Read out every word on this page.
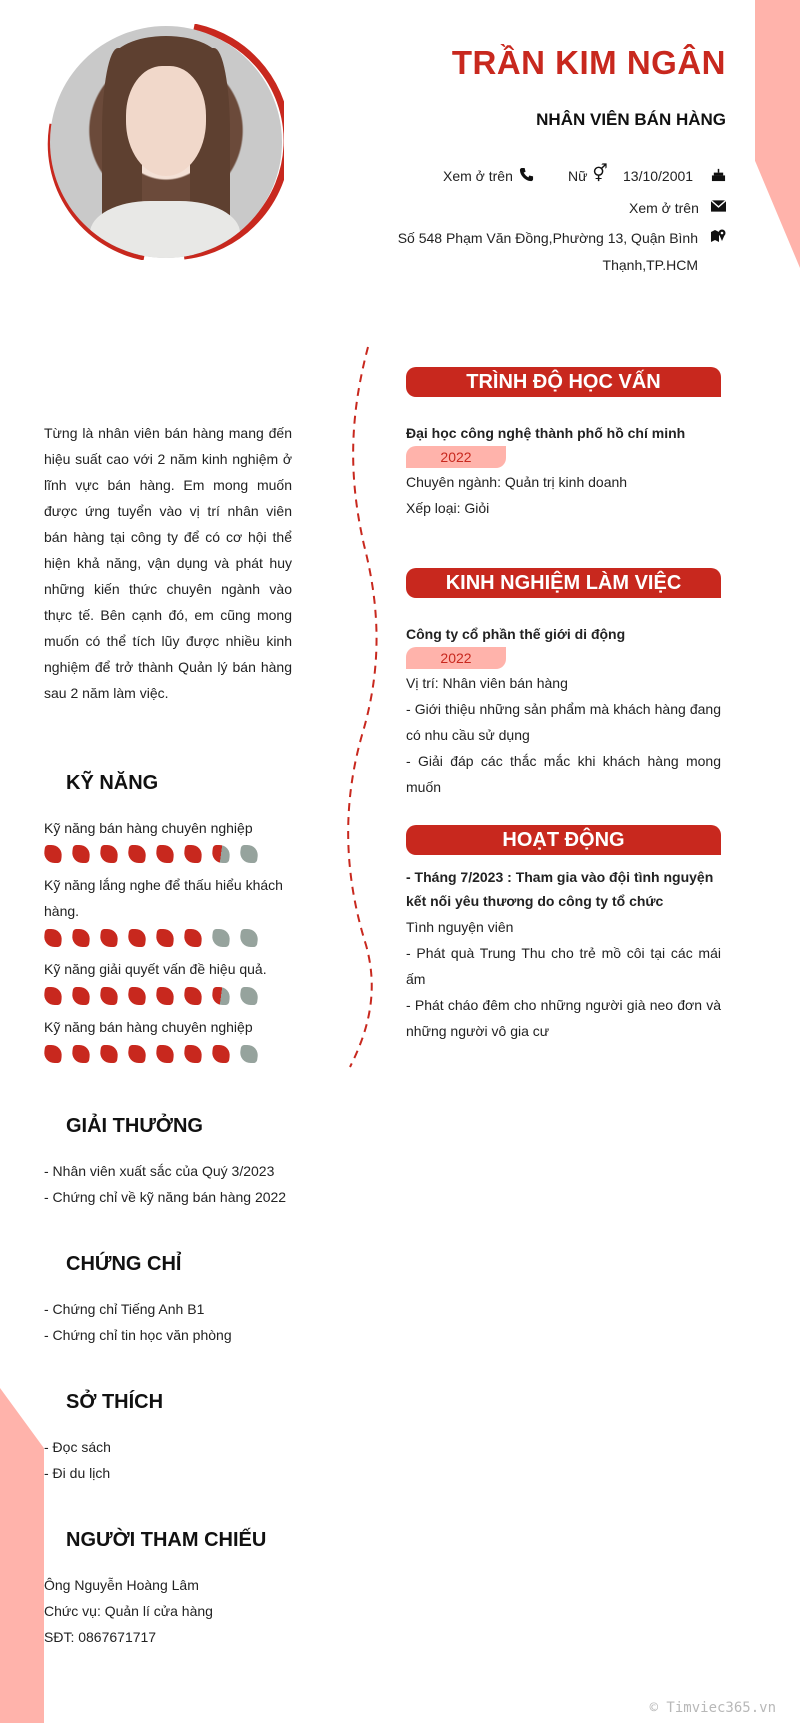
TRẦN KIM NGÂN
NHÂN VIÊN BÁN HÀNG
Xem ở trên	Nữ ⚥ 13/10/2001
Xem ở trên
Số 548 Phạm Văn Đồng,Phường 13, Quận Bình
Thạnh,TP.HCM
Từng là nhân viên bán hàng mang đến hiệu suất cao với 2 năm kinh nghiệm ở lĩnh vực bán hàng. Em mong muốn được ứng tuyển vào vị trí nhân viên bán hàng tại công ty để có cơ hội thể hiện khả năng, vận dụng và phát huy những kiến thức chuyên ngành vào thực tế. Bên cạnh đó, em cũng mong muốn có thể tích lũy được nhiều kinh nghiệm để trở thành Quản lý bán hàng sau 2 năm làm việc.
KỸ NĂNG
Kỹ năng bán hàng chuyên nghiệp
Kỹ năng lắng nghe để thấu hiểu khách
hàng.
Kỹ năng giải quyết vấn đề hiệu quả.
Kỹ năng bán hàng chuyên nghiệp
GIẢI THƯỞNG
- Nhân viên xuất sắc của Quý 3/2023
- Chứng chỉ về kỹ năng bán hàng 2022
CHỨNG CHỈ
- Chứng chỉ Tiếng Anh B1
- Chứng chỉ tin học văn phòng
SỞ THÍCH
- Đọc sách
- Đi du lịch
NGƯỜI THAM CHIẾU
Ông Nguyễn Hoàng Lâm
Chức vụ: Quản lí cửa hàng
SĐT: 0867671717
TRÌNH ĐỘ HỌC VẤN
Đại học công nghệ thành phố hồ chí minh
2022
Chuyên ngành: Quản trị kinh doanh
Xếp loại: Giỏi
KINH NGHIỆM LÀM VIỆC
Công ty cổ phần thế giới di động
2022
Vị trí: Nhân viên bán hàng
- Giới thiệu những sản phẩm mà khách hàng đang có nhu cầu sử dụng
- Giải đáp các thắc mắc khi khách hàng mong muốn
HOẠT ĐỘNG
- Tháng 7/2023 : Tham gia vào đội tình nguyện kết nối yêu thương do công ty tổ chức
Tình nguyện viên
- Phát quà Trung Thu cho trẻ mồ côi tại các mái ấm
- Phát cháo đêm cho những người già neo đơn và những người vô gia cư
© Timviec365.vn
